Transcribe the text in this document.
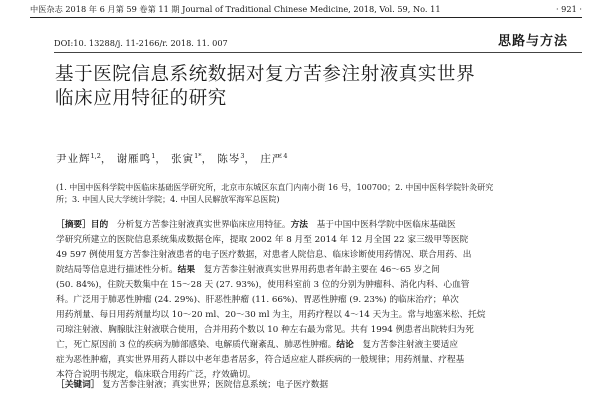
中医杂志 2018 年 6 月第 59 卷第 11 期 Journal of Traditional Chinese Medicine, 2018, Vol. 59, No. 11	· 921 ·
DOI:10. 13288/j. 11-2166/r. 2018. 11. 007	思路与方法
基于医院信息系统数据对复方苦参注射液真实世界
临床应用特征的研究
尹业辉$^{1,2}$， 谢雁鸣$^1$， 张寅$^{1*}$， 陈岑$^3$， 庄严$^4$
(1. 中国中医科学院中医临床基础医学研究所，北京市东城区东直门内南小街 16 号，100700；2. 中国中医科学院针灸研究
所；3. 中国人民大学统计学院；4. 中国人民解放军海军总医院)
［摘要］目的　分析复方苦参注射液真实世界临床应用特征。方法　基于中国中医科学院中医临床基础医
学研究所建立的医院信息系统集成数据仓库，提取 2002 年 8 月至 2014 年 12 月全国 22 家三级甲等医院
49 597 例使用复方苦参注射液患者的电子医疗数据，对患者人院信息、临床诊断使用药情况、联合用药、出
院结局等信息进行描述性分析。结果　复方苦参注射液真实世界用药患者年龄主要在 46～65 岁之间
(50. 84%)，住院天数集中在 15～28 天 (27. 93%)，使用科室前 3 位的分别为肿瘤科、消化内科、心血管
科。广泛用于肺恶性肿瘤 (24. 29%)、肝恶性肿瘤 (11. 66%)、胃恶性肿瘤 (9. 23%) 的临床治疗；单次
用药剂量、每日用药剂量均以 10～20 ml、20～30 ml 为主，用药疗程以 4～14 天为主。常与地塞米松、托烷
司琼注射液、胸腺肽注射液联合使用，合并用药个数以 10 种左右最为常见。共有 1994 例患者出院转归为死
亡，死亡原因前 3 位的疾病为肺部感染、电解质代谢紊乱、肺恶性肿瘤。结论　复方苦参注射液主要适应
症为恶性肿瘤，真实世界用药人群以中老年患者居多，符合适应症人群疾病的一般规律；用药剂量、疗程基
本符合说明书规定，临床联合用药广泛，疗效确切。
［关键词］ 复方苦参注射液；真实世界；医院信息系统；电子医疗数据
